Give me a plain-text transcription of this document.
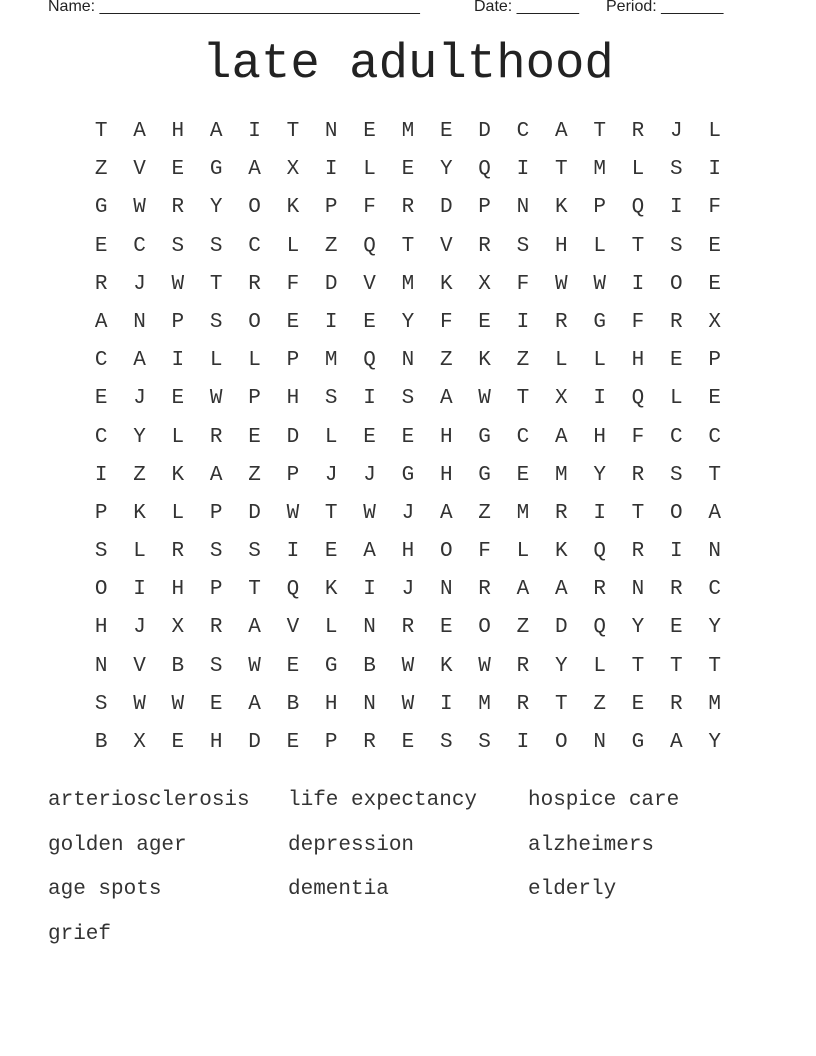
Name: ____________________________________	Date: _______ Period: _______
late adulthood
T	A	H	A	I	T	N	E	M	E	D	C	A	T	R	J	L
Z	V	E	G	A	X	I	L	E	Y	Q	I	T	M	L	S	I
G	W	R	Y	O	K	P	F	R	D	P	N	K	P	Q	I	F
E	C	S	S	C	L	Z	Q	T	V	R	S	H	L	T	S	E
R	J	W	T	R	F	D	V	M	K	X	F	W	W	I	O	E
A	N	P	S	O	E	I	E	Y	F	E	I	R	G	F	R	X
C	A	I	L	L	P	M	Q	N	Z	K	Z	L	L	H	E	P
E	J	E	W	P	H	S	I	S	A	W	T	X	I	Q	L	E
C	Y	L	R	E	D	L	E	E	H	G	C	A	H	F	C	C
I	Z	K	A	Z	P	J	J	G	H	G	E	M	Y	R	S	T
P	K	L	P	D	W	T	W	J	A	Z	M	R	I	T	O	A
S	L	R	S	S	I	E	A	H	O	F	L	K	Q	R	I	N
O	I	H	P	T	Q	K	I	J	N	R	A	A	R	N	R	C
H	J	X	R	A	V	L	N	R	E	O	Z	D	Q	Y	E	Y
N	V	B	S	W	E	G	B	W	K	W	R	Y	L	T	T	T
S	W	W	E	A	B	H	N	W	I	M	R	T	Z	E	R	M
B	X	E	H	D	E	P	R	E	S	S	I	O	N	G	A	Y
arteriosclerosis	life expectancy	hospice care
golden ager	depression	alzheimers
age spots	dementia	elderly
grief
